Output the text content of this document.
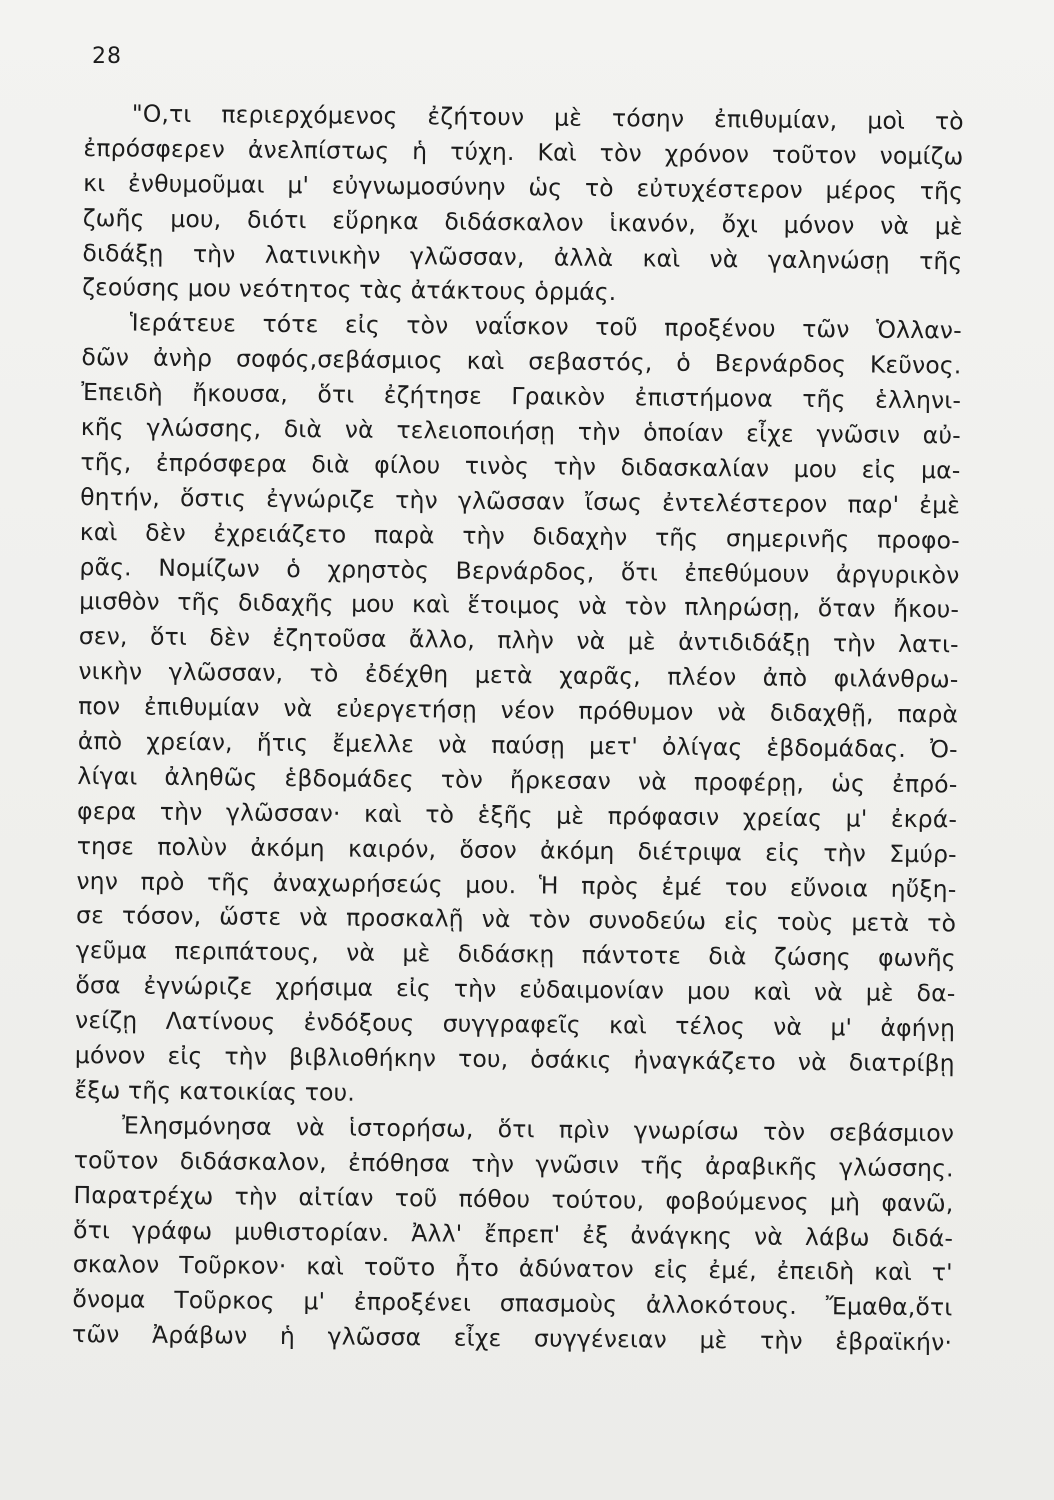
28
"Ο,τι περιερχόμενος ἐζήτουν μὲ τόσην ἐπιθυμίαν, μοὶ τὸ
ἐπρόσφερεν ἀνελπίστως ἡ τύχη. Καὶ τὸν χρόνον τοῦτον νομίζω
κι ἐνθυμοῦμαι μ' εὐγνωμοσύνην ὡς τὸ εὐτυχέστερον μέρος τῆς
ζωῆς μου, διότι εὕρηκα διδάσκαλον ἱκανόν, ὄχι μόνον νὰ μὲ
διδάξῃ τὴν λατινικὴν γλῶσσαν, ἀλλὰ καὶ νὰ γαληνώσῃ τῆς
ζεούσης μου νεότητος τὰς ἀτάκτους ὁρμάς.
Ἱεράτευε τότε εἰς τὸν ναΐσκον τοῦ προξένου τῶν Ὁλλαν-
δῶν ἀνὴρ σοφός,σεβάσμιος καὶ σεβαστός, ὁ Βερνάρδος Κεῦνος.
Ἐπειδὴ ἤκουσα, ὅτι ἐζήτησε Γραικὸν ἐπιστήμονα τῆς ἑλληνι-
κῆς γλώσσης, διὰ νὰ τελειοποιήσῃ τὴν ὁποίαν εἶχε γνῶσιν αὐ-
τῆς, ἐπρόσφερα διὰ φίλου τινὸς τὴν διδασκαλίαν μου εἰς μα-
θητήν, ὅστις ἐγνώριζε τὴν γλῶσσαν ἴσως ἐντελέστερον παρ' ἐμὲ
καὶ δὲν ἐχρειάζετο παρὰ τὴν διδαχὴν τῆς σημερινῆς προφο-
ρᾶς. Νομίζων ὁ χρηστὸς Βερνάρδος, ὅτι ἐπεθύμουν ἀργυρικὸν
μισθὸν τῆς διδαχῆς μου καὶ ἕτοιμος νὰ τὸν πληρώσῃ, ὅταν ἤκου-
σεν, ὅτι δὲν ἐζητοῦσα ἄλλο, πλὴν νὰ μὲ ἀντιδιδάξῃ τὴν λατι-
νικὴν γλῶσσαν, τὸ ἐδέχθη μετὰ χαρᾶς, πλέον ἀπὸ φιλάνθρω-
πον ἐπιθυμίαν νὰ εὐεργετήσῃ νέον πρόθυμον νὰ διδαχθῇ, παρὰ
ἀπὸ χρείαν, ἥτις ἔμελλε νὰ παύσῃ μετ' ὀλίγας ἑβδομάδας. Ὀ-
λίγαι ἀληθῶς ἑβδομάδες τὸν ἤρκεσαν νὰ προφέρῃ, ὡς ἐπρό-
φερα τὴν γλῶσσαν· καὶ τὸ ἑξῆς μὲ πρόφασιν χρείας μ' ἐκρά-
τησε πολὺν ἀκόμη καιρόν, ὅσον ἀκόμη διέτριψα εἰς τὴν Σμύρ-
νην πρὸ τῆς ἀναχωρήσεώς μου. Ἡ πρὸς ἐμέ του εὔνοια ηὔξη-
σε τόσον, ὥστε νὰ προσκαλῇ νὰ τὸν συνοδεύω εἰς τοὺς μετὰ τὸ
γεῦμα περιπάτους, νὰ μὲ διδάσκῃ πάντοτε διὰ ζώσης φωνῆς
ὅσα ἐγνώριζε χρήσιμα εἰς τὴν εὐδαιμονίαν μου καὶ νὰ μὲ δα-
νείζῃ Λατίνους ἐνδόξους συγγραφεῖς καὶ τέλος νὰ μ' ἀφήνῃ
μόνον εἰς τὴν βιβλιοθήκην του, ὁσάκις ἠναγκάζετο νὰ διατρίβῃ
ἔξω τῆς κατοικίας του.
Ἐλησμόνησα νὰ ἱστορήσω, ὅτι πρὶν γνωρίσω τὸν σεβάσμιον
τοῦτον διδάσκαλον, ἐπόθησα τὴν γνῶσιν τῆς ἀραβικῆς γλώσσης.
Παρατρέχω τὴν αἰτίαν τοῦ πόθου τούτου, φοβούμενος μὴ φανῶ,
ὅτι γράφω μυθιστορίαν. Ἀλλ' ἔπρεπ' ἐξ ἀνάγκης νὰ λάβω διδά-
σκαλον Τοῦρκον· καὶ τοῦτο ἦτο ἀδύνατον εἰς ἐμέ, ἐπειδὴ καὶ τ'
ὄνομα Τοῦρκος μ' ἐπροξένει σπασμοὺς ἀλλοκότους. Ἔμαθα,ὅτι
τῶν Ἀράβων ἡ γλῶσσα εἶχε συγγένειαν μὲ τὴν ἑβραϊκήν·
